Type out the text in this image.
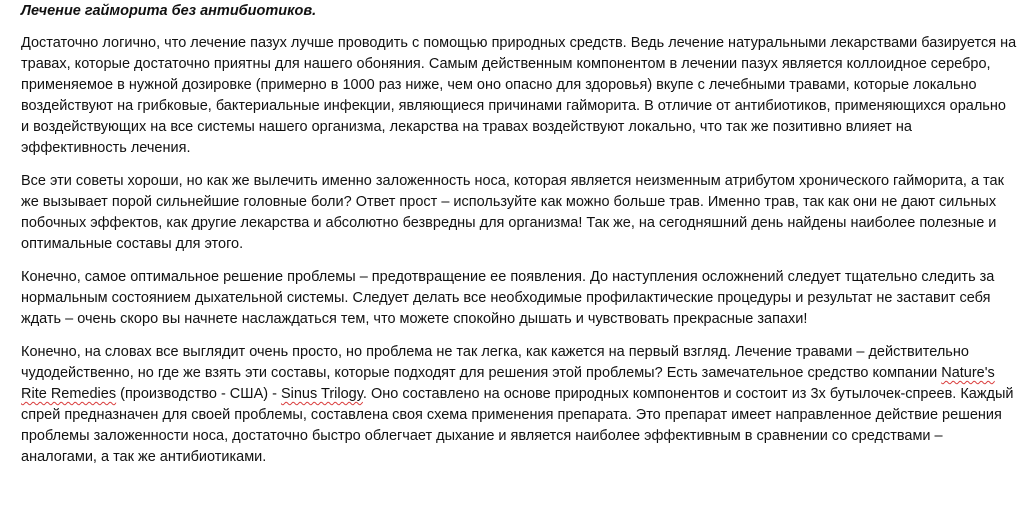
Лечение гайморита без антибиотиков.

Достаточно логично, что лечение пазух лучше проводить с помощью природных средств. Ведь лечение натуральными лекарствами базируется на травах, которые достаточно приятны для нашего обоняния. Самым действенным компонентом в лечении пазух является коллоидное серебро, применяемое в нужной дозировке (примерно в 1000 раз ниже, чем оно опасно для здоровья) вкупе с лечебными травами, которые локально воздействуют на грибковые, бактериальные инфекции, являющиеся причинами гайморита. В отличие от антибиотиков, применяющихся орально и воздействующих на все системы нашего организма, лекарства на травах воздействуют локально, что так же позитивно влияет на эффективность лечения.

Все эти советы хороши, но как же вылечить именно заложенность носа, которая является неизменным атрибутом хронического гайморита, а так же вызывает порой сильнейшие головные боли? Ответ прост – используйте как можно больше трав. Именно трав, так как они не дают сильных побочных эффектов, как другие лекарства и абсолютно безвредны для организма! Так же, на сегодняшний день найдены наиболее полезные и оптимальные составы для этого.

Конечно, самое оптимальное решение проблемы – предотвращение ее появления. До наступления осложнений следует тщательно следить за нормальным состоянием дыхательной системы. Следует делать все необходимые профилактические процедуры и результат не заставит себя ждать – очень скоро вы начнете наслаждаться тем, что можете спокойно дышать и чувствовать прекрасные запахи!

Конечно, на словах все выглядит очень просто, но проблема не так легка, как кажется на первый взгляд. Лечение травами – действительно чудодейственно, но где же взять эти составы, которые подходят для решения этой проблемы? Есть замечательное средство компании Nature's Rite Remedies (производство - США) - Sinus Trilogy. Оно составлено на основе природных компонентов и состоит из 3х бутылочек-спреев. Каждый спрей предназначен для своей проблемы, составлена своя схема применения препарата. Это препарат имеет направленное действие решения проблемы заложенности носа, достаточно быстро облегчает дыхание и является наиболее эффективным в сравнении со средствами – аналогами, а так же антибиотиками.
